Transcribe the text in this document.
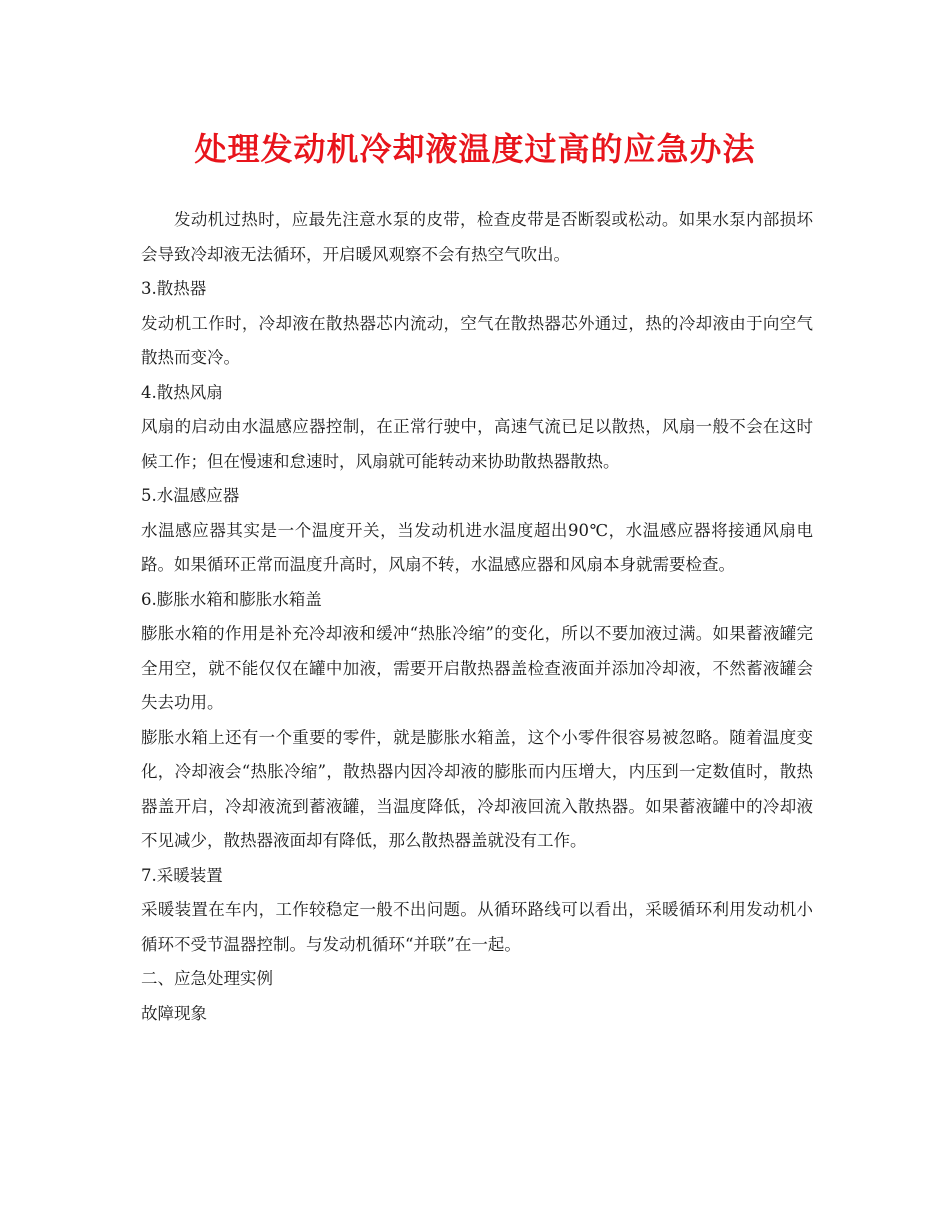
处理发动机冷却液温度过高的应急办法

发动机过热时，应最先注意水泵的皮带，检查皮带是否断裂或松动。如果水泵内部损坏会导致冷却液无法循环，开启暖风观察不会有热空气吹出。

3.散热器

发动机工作时，冷却液在散热器芯内流动，空气在散热器芯外通过，热的冷却液由于向空气散热而变冷。

4.散热风扇

风扇的启动由水温感应器控制，在正常行驶中，高速气流已足以散热，风扇一般不会在这时候工作；但在慢速和怠速时，风扇就可能转动来协助散热器散热。

5.水温感应器

水温感应器其实是一个温度开关，当发动机进水温度超出90℃，水温感应器将接通风扇电路。如果循环正常而温度升高时，风扇不转，水温感应器和风扇本身就需要检查。

6.膨胀水箱和膨胀水箱盖

膨胀水箱的作用是补充冷却液和缓冲“热胀冷缩”的变化，所以不要加液过满。如果蓄液罐完全用空，就不能仅仅在罐中加液，需要开启散热器盖检查液面并添加冷却液，不然蓄液罐会失去功用。

膨胀水箱上还有一个重要的零件，就是膨胀水箱盖，这个小零件很容易被忽略。随着温度变化，冷却液会“热胀冷缩”，散热器内因冷却液的膨胀而内压增大，内压到一定数值时，散热器盖开启，冷却液流到蓄液罐，当温度降低，冷却液回流入散热器。如果蓄液罐中的冷却液不见减少，散热器液面却有降低，那么散热器盖就没有工作。

7.采暖装置

采暖装置在车内，工作较稳定一般不出问题。从循环路线可以看出，采暖循环利用发动机小循环不受节温器控制。与发动机循环“并联”在一起。

二、应急处理实例

故障现象
